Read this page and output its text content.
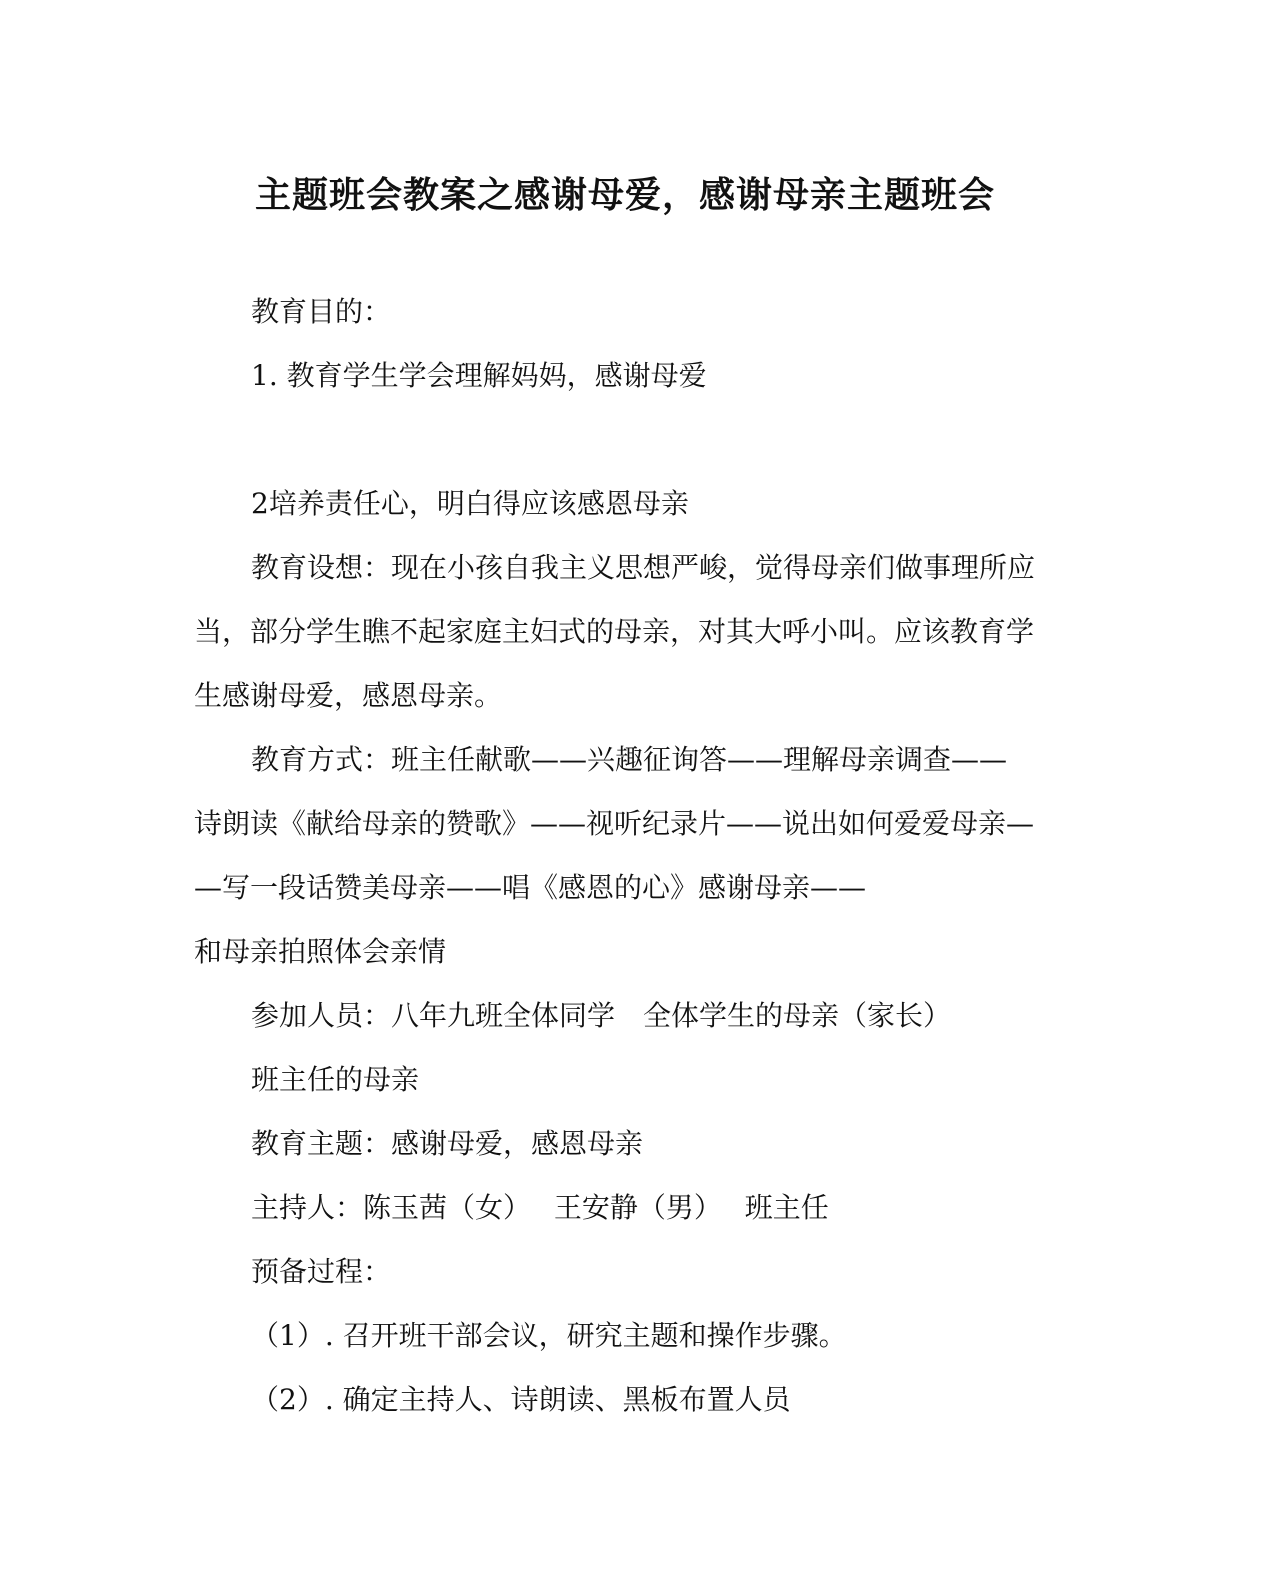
主题班会教案之感谢母爱，感谢母亲主题班会
教育目的：
1. 教育学生学会理解妈妈，感谢母爱
2培养责任心，明白得应该感恩母亲
教育设想：现在小孩自我主义思想严峻，觉得母亲们做事理所应
当，部分学生瞧不起家庭主妇式的母亲，对其大呼小叫。应该教育学
生感谢母爱，感恩母亲。
教育方式：班主任献歌——兴趣征询答——理解母亲调查——
诗朗读《献给母亲的赞歌》——视听纪录片——说出如何爱爱母亲—
—写一段话赞美母亲——唱《感恩的心》感谢母亲——
和母亲拍照体会亲情
参加人员：八年九班全体同学　全体学生的母亲（家长）
班主任的母亲
教育主题：感谢母爱，感恩母亲
主持人：陈玉茜（女）　 王安静（男）　 班主任
预备过程：
（1）. 召开班干部会议，研究主题和操作步骤。
（2）. 确定主持人、诗朗读、黑板布置人员
